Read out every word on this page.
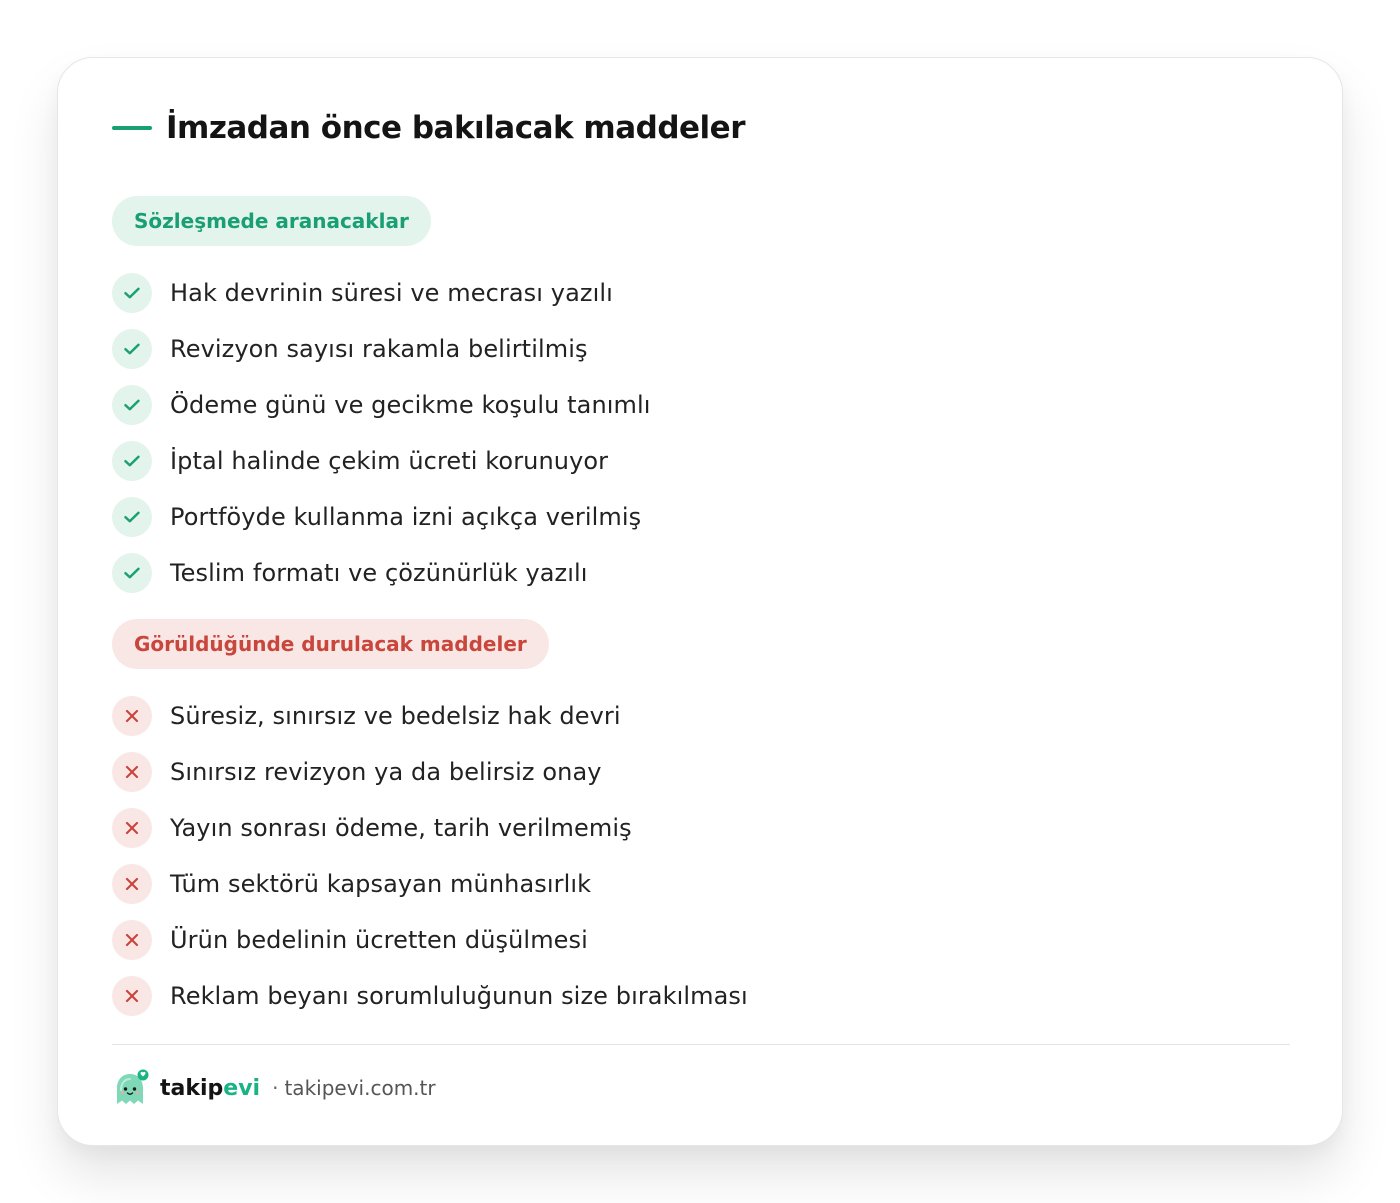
İmzadan önce bakılacak maddeler
Sözleşmede aranacaklar
Hak devrinin süresi ve mecrası yazılı
Revizyon sayısı rakamla belirtilmiş
Ödeme günü ve gecikme koşulu tanımlı
İptal halinde çekim ücreti korunuyor
Portföyde kullanma izni açıkça verilmiş
Teslim formatı ve çözünürlük yazılı
Görüldüğünde durulacak maddeler
Süresiz, sınırsız ve bedelsiz hak devri
Sınırsız revizyon ya da belirsiz onay
Yayın sonrası ödeme, tarih verilmemiş
Tüm sektörü kapsayan münhasırlık
Ürün bedelinin ücretten düşülmesi
Reklam beyanı sorumluluğunun size bırakılması
takip evi · takipevi.com.tr
